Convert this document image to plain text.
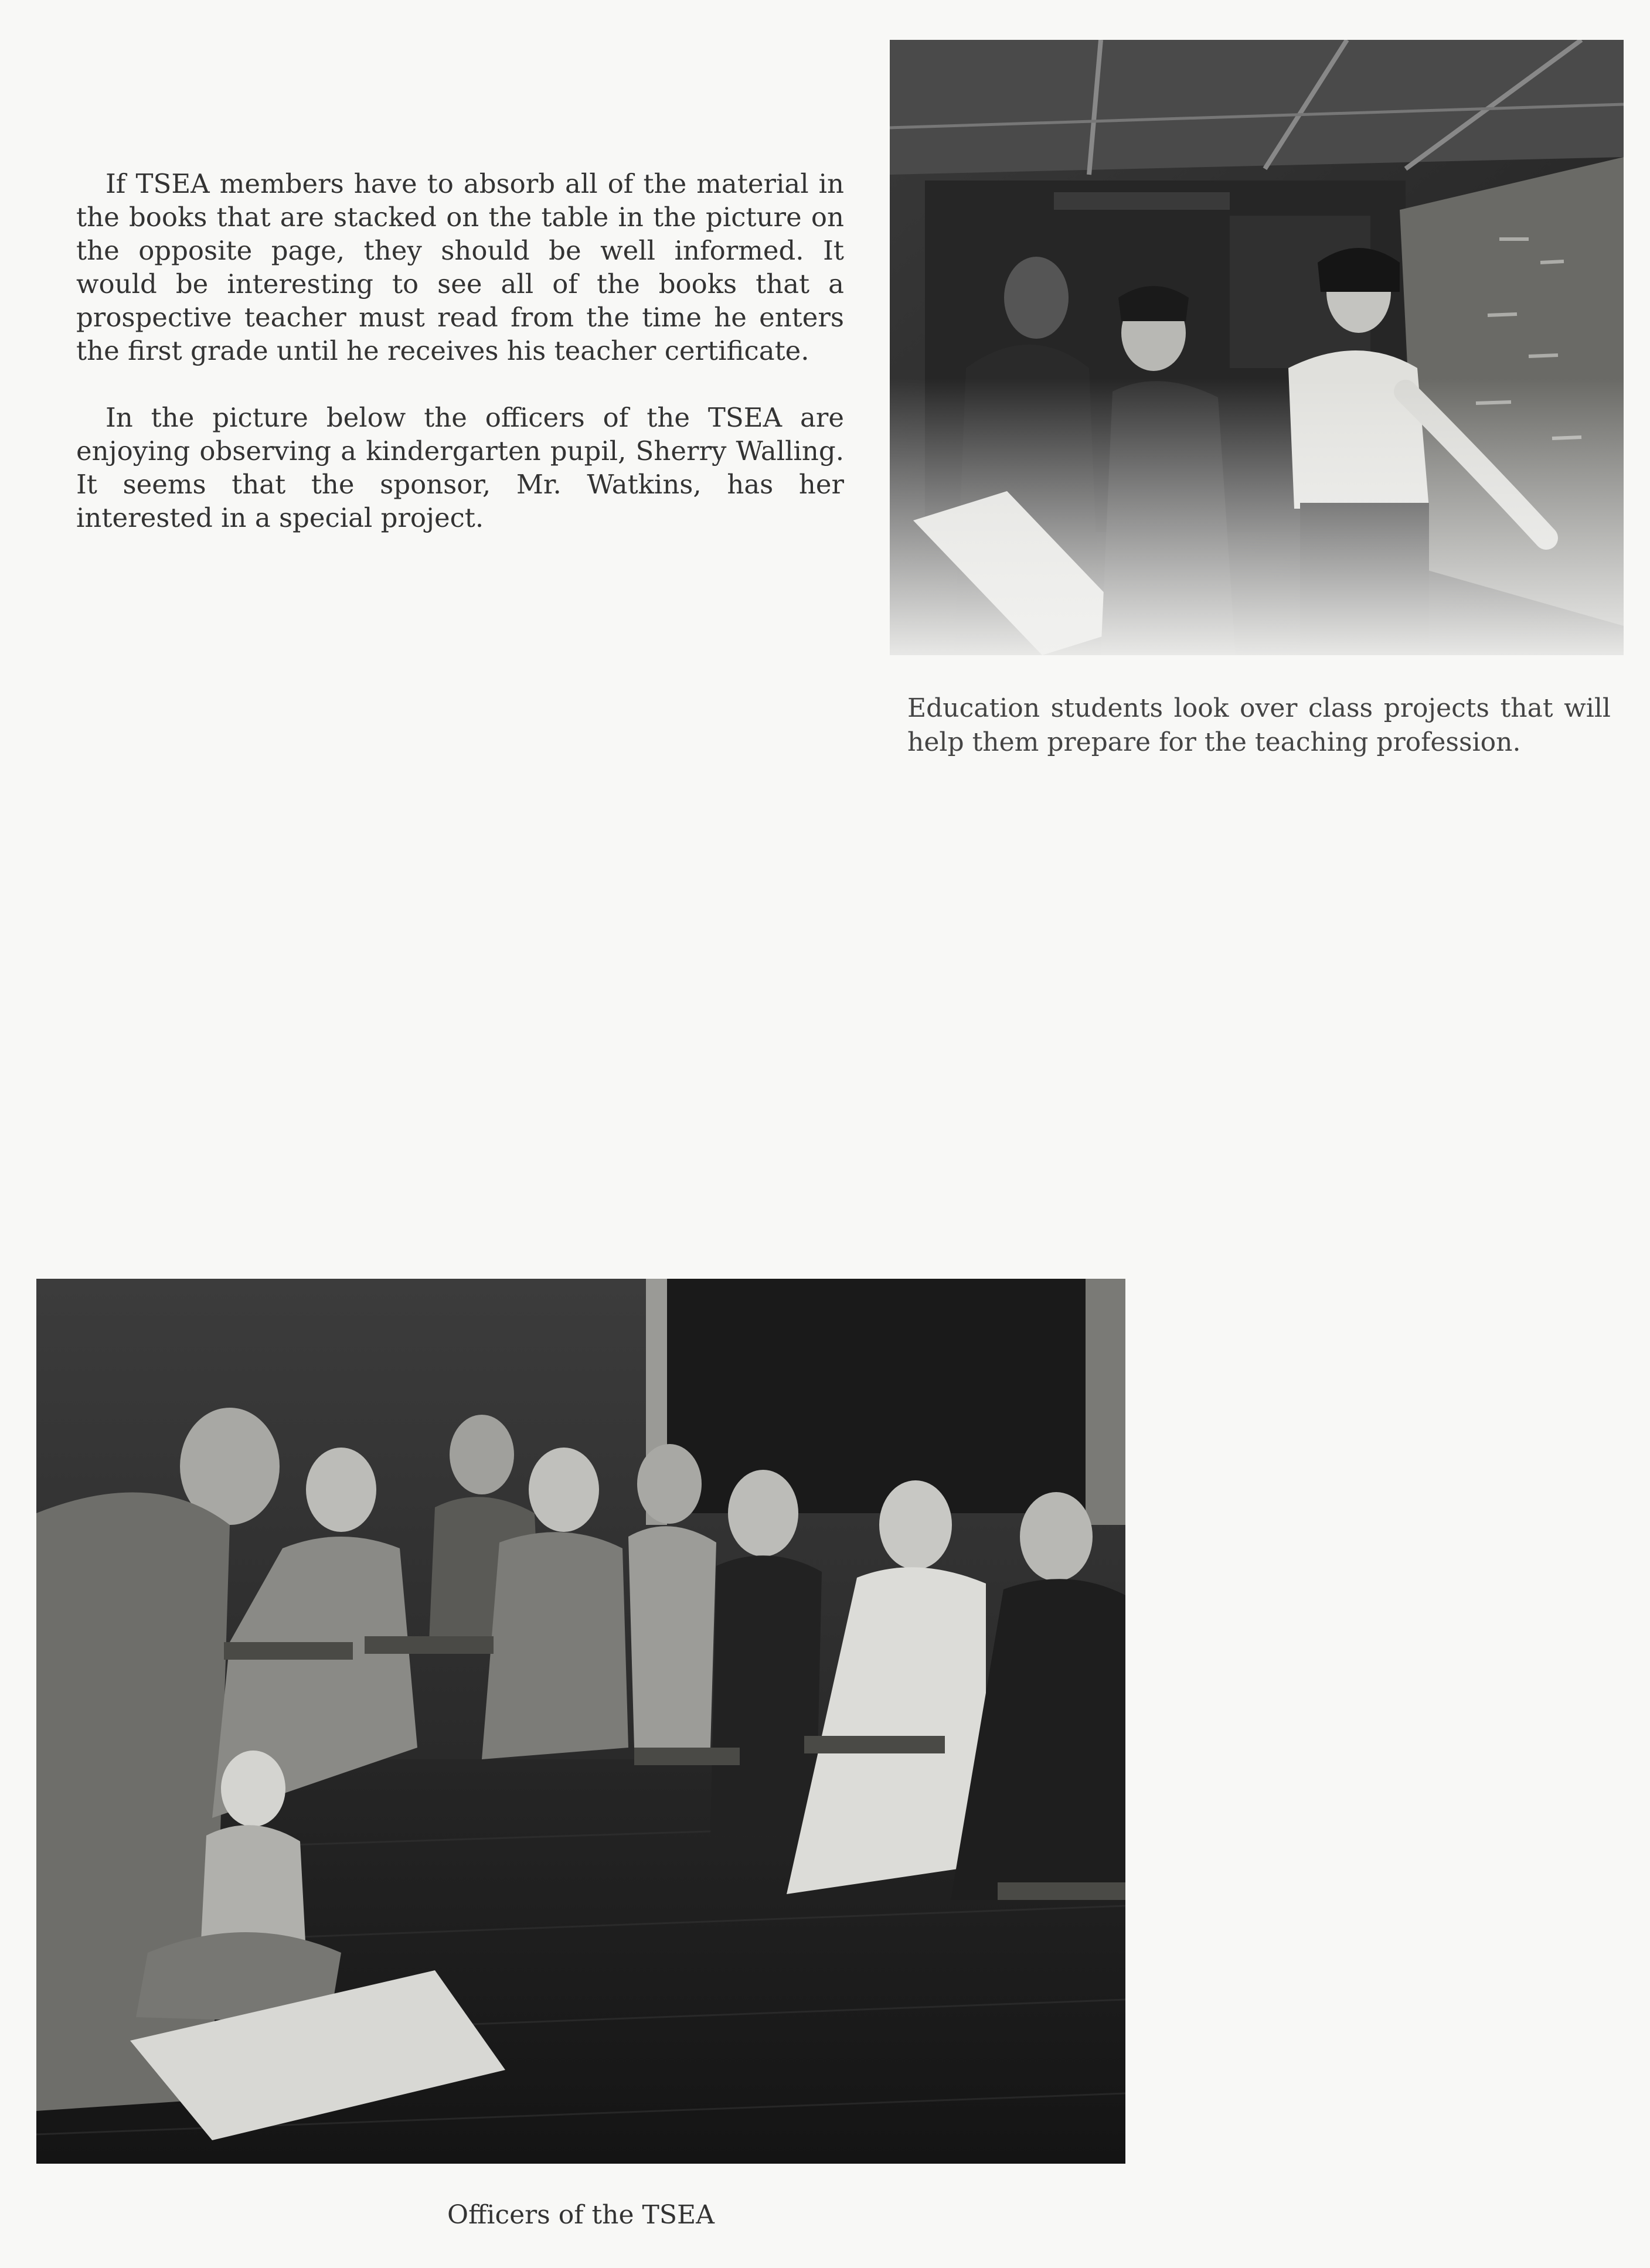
If TSEA members have to absorb all of the material in the books that are stacked on the table in the picture on the opposite page, they should be well informed. It would be interesting to see all of the books that a prospective teacher must read from the time he enters the first grade until he receives his teacher certificate.

In the picture below the officers of the TSEA are enjoying observing a kindergarten pupil, Sherry Walling. It seems that the sponsor, Mr. Watkins, has her interested in a special project.

Education students look over class projects that will help them prepare for the teaching profession.
Officers of the TSEA
